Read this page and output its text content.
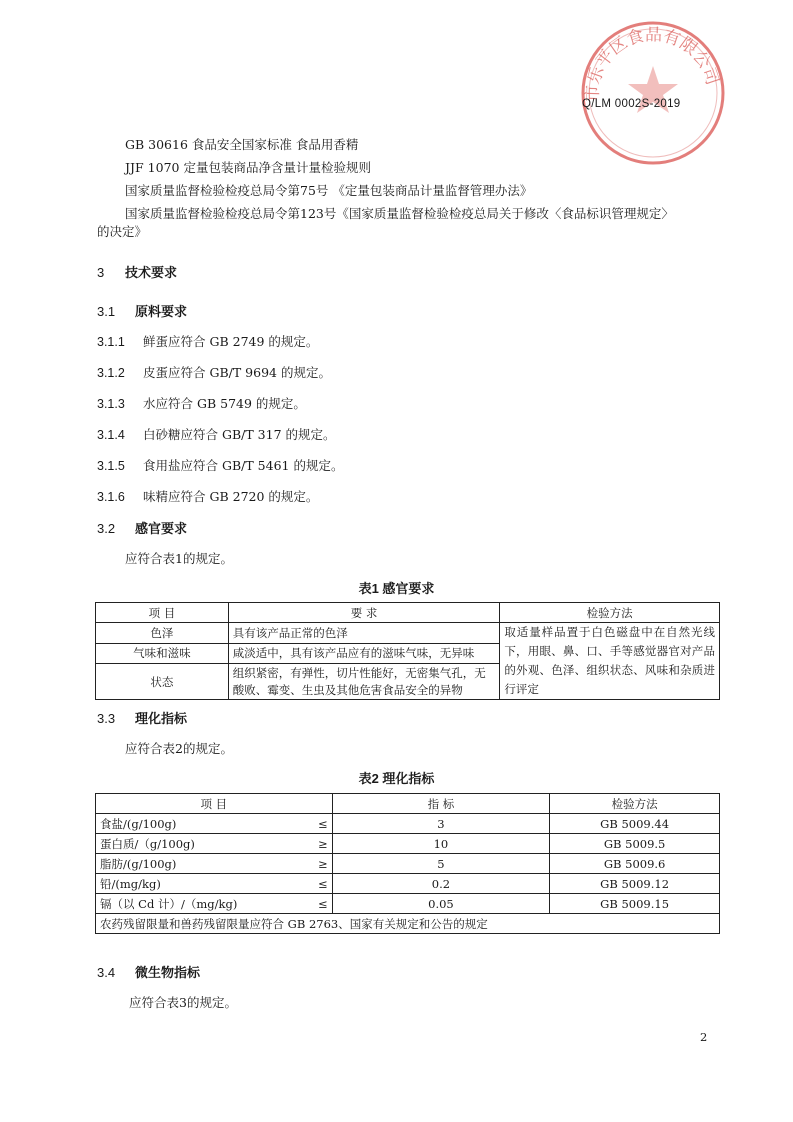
市乐平区食品有限公司
Q/LM 0002S-2019
GB 30616 食品安全国家标准 食品用香精
JJF 1070 定量包装商品净含量计量检验规则
国家质量监督检验检疫总局令第75号 《定量包装商品计量监督管理办法》
国家质量监督检验检疫总局令第123号《国家质量监督检验检疫总局关于修改〈食品标识管理规定〉
的决定》
3 技术要求
3.1 原料要求
3.1.1 鲜蛋应符合 GB 2749 的规定。
3.1.2 皮蛋应符合 GB/T 9694 的规定。
3.1.3 水应符合 GB 5749 的规定。
3.1.4 白砂糖应符合 GB/T 317 的规定。
3.1.5 食用盐应符合 GB/T 5461 的规定。
3.1.6 味精应符合 GB 2720 的规定。
3.2 感官要求
应符合表1的规定。
表1 感官要求
项 目	要 求	检验方法
色泽	具有该产品正常的色泽	取适量样品置于白色磁盘中在自然光线下，用眼、鼻、口、手等感觉器官对产品的外观、色泽、组织状态、风味和杂质进行评定
气味和滋味	咸淡适中，具有该产品应有的滋味气味，无异味	
状态	组织紧密，有弹性，切片性能好，无密集气孔，无酸败、霉变、生虫及其他危害食品安全的异物	
3.3 理化指标
应符合表2的规定。
表2 理化指标
项 目		指 标	检验方法
食盐/(g/100g)	≤	3	GB 5009.44
蛋白质/（g/100g)	≥	10	GB 5009.5
脂肪/(g/100g)	≥	5	GB 5009.6
铅/(mg/kg)	≤	0.2	GB 5009.12
镉（以 Cd 计）/（mg/kg)	≤	0.05	GB 5009.15
农药残留限量和兽药残留限量应符合 GB 2763、国家有关规定和公告的规定			
3.4 微生物指标
应符合表3的规定。
2
